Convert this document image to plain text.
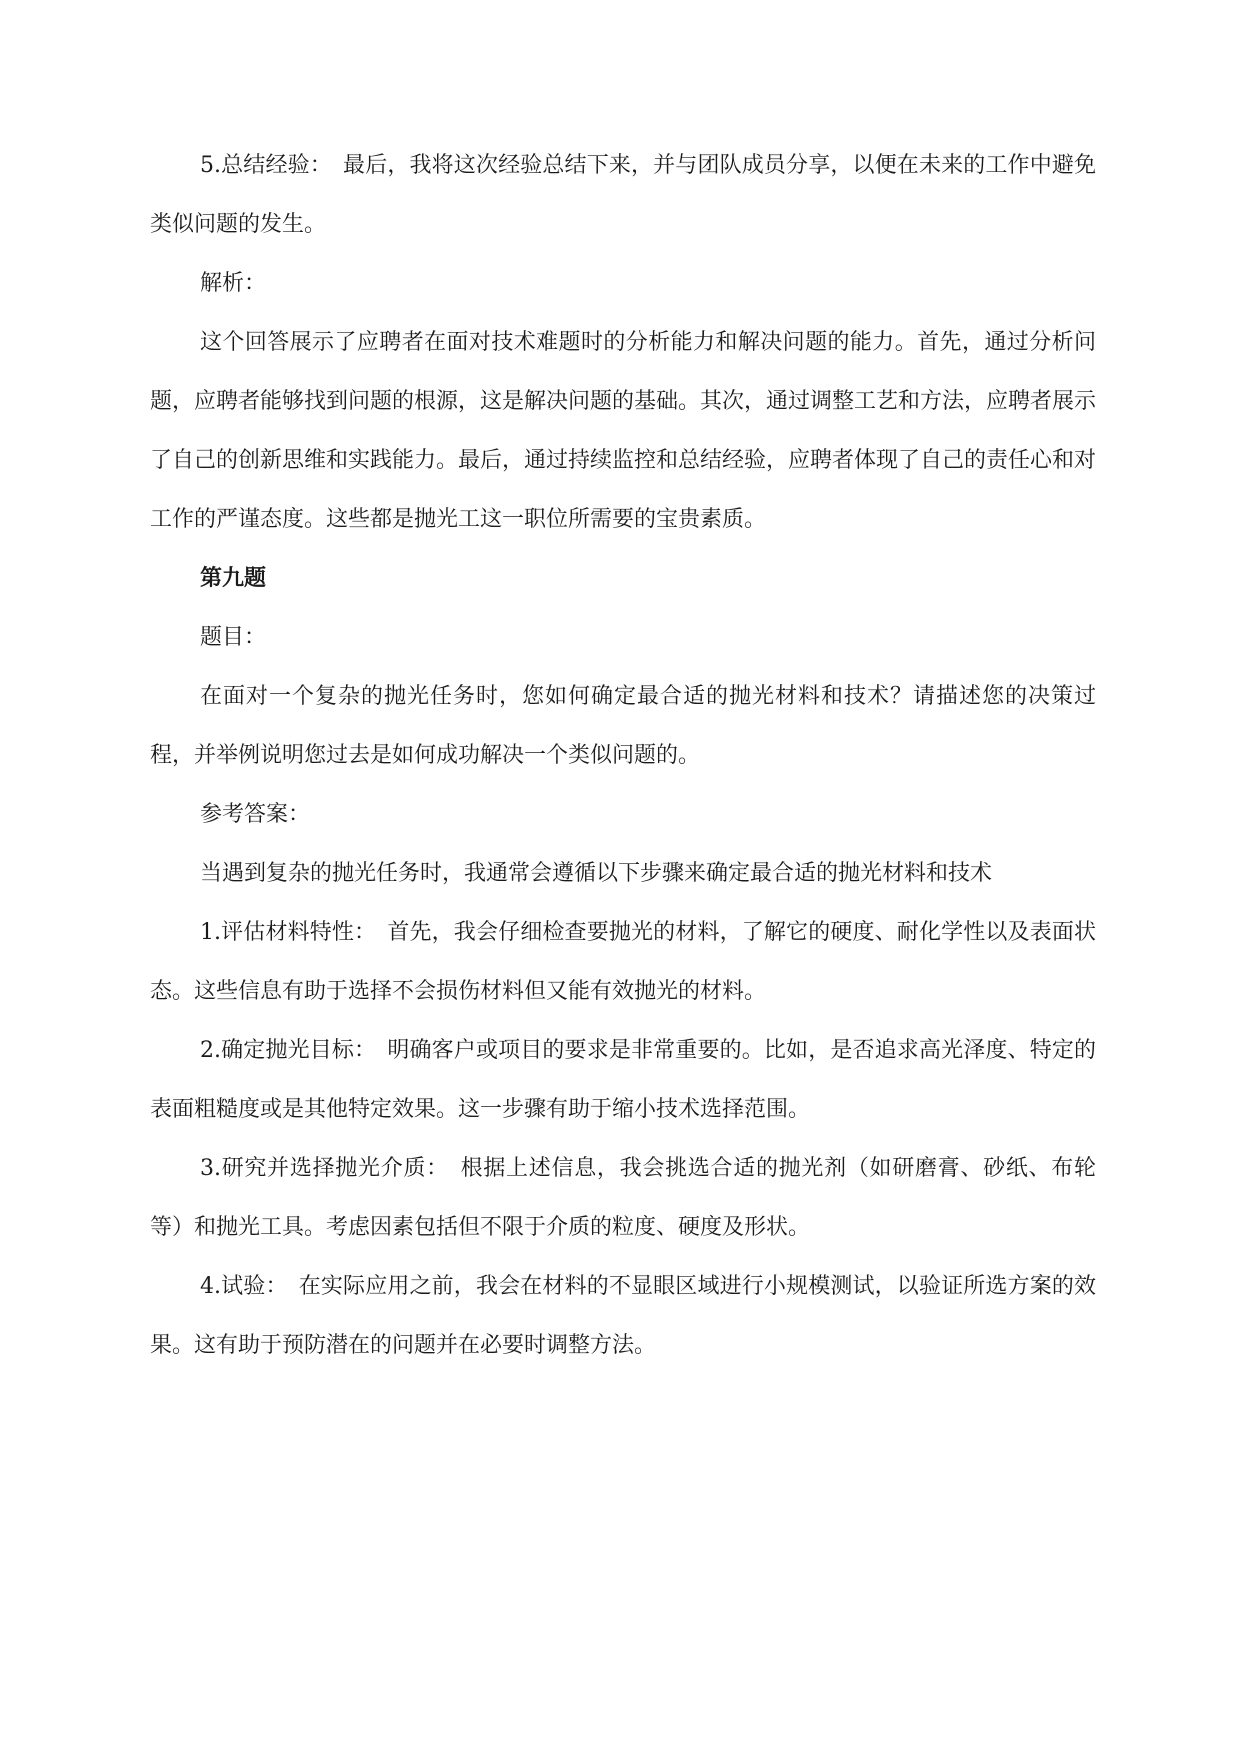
5.总结经验：　最后，我将这次经验总结下来，并与团队成员分享，以便在未来的工作中避免类似问题的发生。

解析：

这个回答展示了应聘者在面对技术难题时的分析能力和解决问题的能力。首先，通过分析问题，应聘者能够找到问题的根源，这是解决问题的基础。其次，通过调整工艺和方法，应聘者展示了自己的创新思维和实践能力。最后，通过持续监控和总结经验，应聘者体现了自己的责任心和对工作的严谨态度。这些都是抛光工这一职位所需要的宝贵素质。

第九题

题目：

在面对一个复杂的抛光任务时，您如何确定最合适的抛光材料和技术？请描述您的决策过程，并举例说明您过去是如何成功解决一个类似问题的。

参考答案：

当遇到复杂的抛光任务时，我通常会遵循以下步骤来确定最合适的抛光材料和技术

1.评估材料特性：　首先，我会仔细检查要抛光的材料，了解它的硬度、耐化学性以及表面状态。这些信息有助于选择不会损伤材料但又能有效抛光的材料。

2.确定抛光目标：　明确客户或项目的要求是非常重要的。比如，是否追求高光泽度、特定的表面粗糙度或是其他特定效果。这一步骤有助于缩小技术选择范围。

3.研究并选择抛光介质：　根据上述信息，我会挑选合适的抛光剂（如研磨膏、砂纸、布轮等）和抛光工具。考虑因素包括但不限于介质的粒度、硬度及形状。

4.试验：　在实际应用之前，我会在材料的不显眼区域进行小规模测试，以验证所选方案的效果。这有助于预防潜在的问题并在必要时调整方法。
